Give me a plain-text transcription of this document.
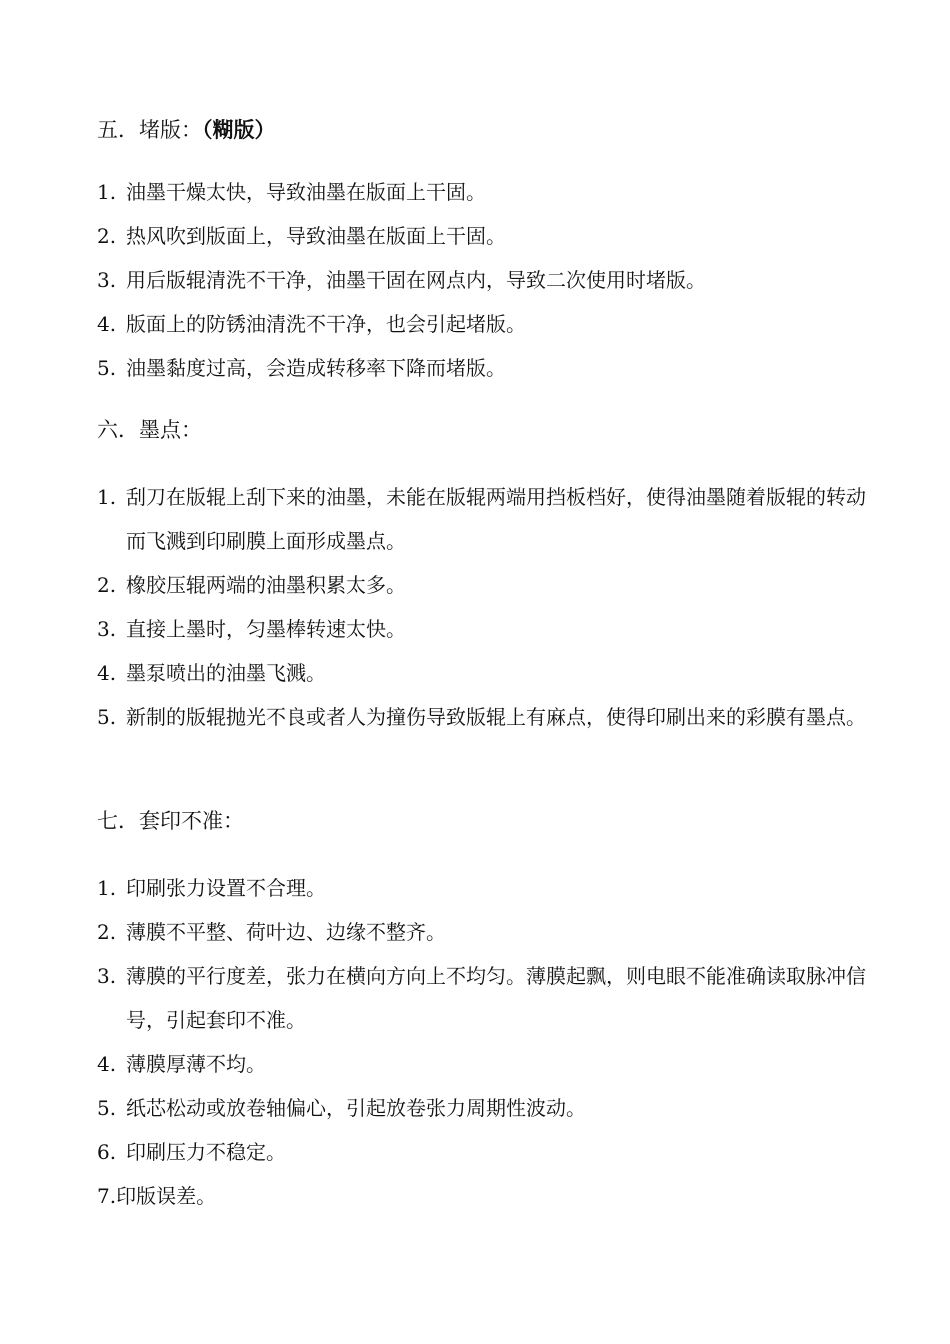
五．堵版：（糊版）
1. 油墨干燥太快，导致油墨在版面上干固。
2. 热风吹到版面上，导致油墨在版面上干固。
3. 用后版辊清洗不干净，油墨干固在网点内，导致二次使用时堵版。
4. 版面上的防锈油清洗不干净，也会引起堵版。
5. 油墨黏度过高，会造成转移率下降而堵版。
六．墨点：
1. 刮刀在版辊上刮下来的油墨，未能在版辊两端用挡板档好，使得油墨随着版辊的转动而飞溅到印刷膜上面形成墨点。
2. 橡胶压辊两端的油墨积累太多。
3. 直接上墨时，匀墨棒转速太快。
4. 墨泵喷出的油墨飞溅。
5. 新制的版辊抛光不良或者人为撞伤导致版辊上有麻点，使得印刷出来的彩膜有墨点。
七．套印不准：
1. 印刷张力设置不合理。
2. 薄膜不平整、荷叶边、边缘不整齐。
3. 薄膜的平行度差，张力在横向方向上不均匀。薄膜起飘，则电眼不能准确读取脉冲信号，引起套印不准。
4. 薄膜厚薄不均。
5. 纸芯松动或放卷轴偏心，引起放卷张力周期性波动。
6. 印刷压力不稳定。
7.印版误差。
